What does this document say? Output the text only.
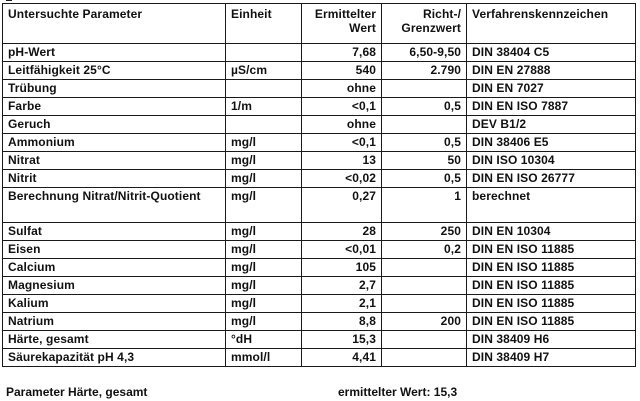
Untersuchte Parameter	Einheit	Ermittelter Wert	Richt-/ Grenzwert	Verfahrenskennzeichen
pH-Wert		7,68	6,50-9,50	DIN 38404 C5
Leitfähigkeit 25°C	µS/cm	540	2.790	DIN EN 27888
Trübung		ohne		DIN EN 7027
Farbe	1/m	<0,1	0,5	DIN EN ISO 7887
Geruch		ohne		DEV B1/2
Ammonium	mg/l	<0,1	0,5	DIN 38406 E5
Nitrat	mg/l	13	50	DIN ISO 10304
Nitrit	mg/l	<0,02	0,5	DIN EN ISO 26777
Berechnung Nitrat/Nitrit-Quotient	mg/l	0,27	1	berechnet
Sulfat	mg/l	28	250	DIN EN 10304
Eisen	mg/l	<0,01	0,2	DIN EN ISO 11885
Calcium	mg/l	105		DIN EN ISO 11885
Magnesium	mg/l	2,7		DIN EN ISO 11885
Kalium	mg/l	2,1		DIN EN ISO 11885
Natrium	mg/l	8,8	200	DIN EN ISO 11885
Härte, gesamt	°dH	15,3		DIN 38409 H6
Säurekapazität pH 4,3	mmol/l	4,41		DIN 38409 H7
Parameter Härte, gesamt	ermittelter Wert: 15,3
